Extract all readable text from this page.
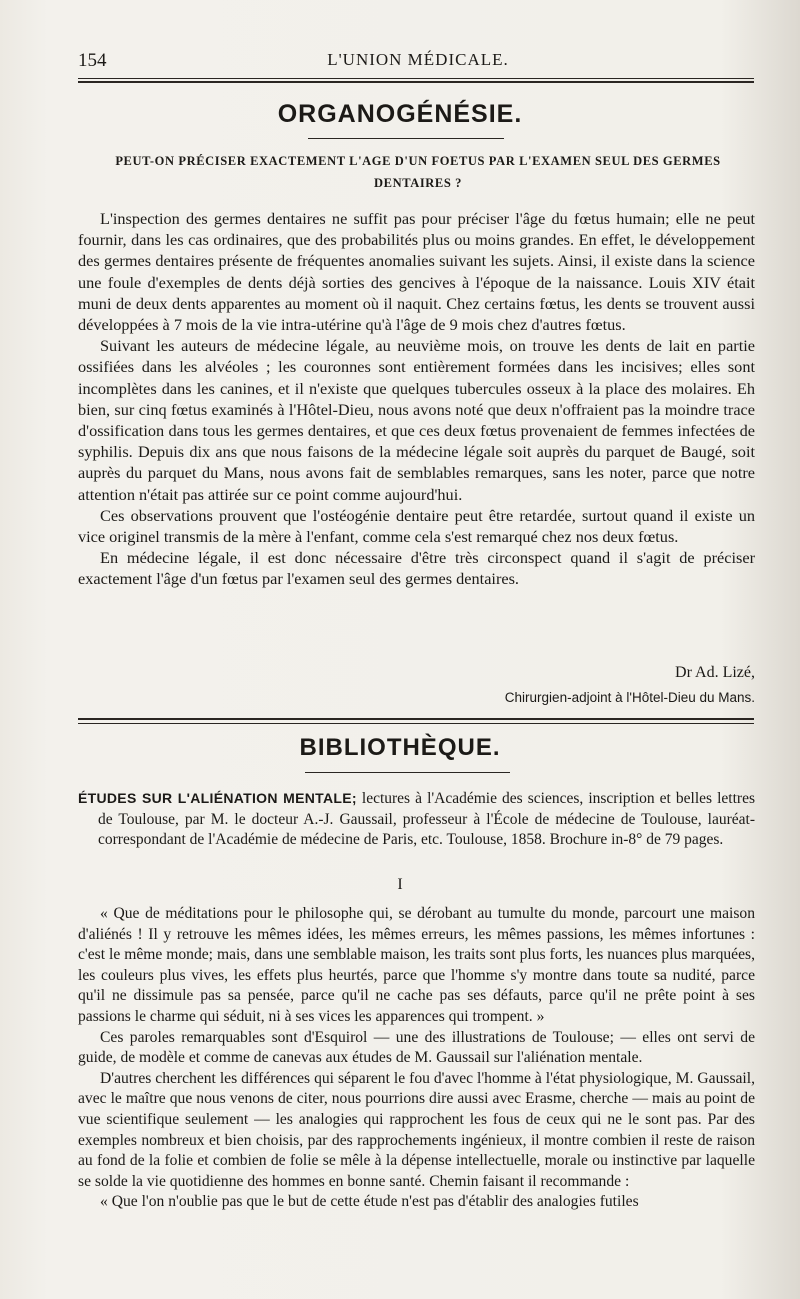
154	L'UNION MÉDICALE.
ORGANOGÉNÉSIE.
PEUT-ON PRÉCISER EXACTEMENT L'AGE D'UN FOETUS PAR L'EXAMEN SEUL DES GERMES DENTAIRES ?

L'inspection des germes dentaires ne suffit pas pour préciser l'âge du fœtus humain; elle ne peut fournir, dans les cas ordinaires, que des probabilités plus ou moins grandes. En effet, le développement des germes dentaires présente de fréquentes anomalies suivant les sujets. Ainsi, il existe dans la science une foule d'exemples de dents déjà sorties des gencives à l'époque de la naissance. Louis XIV était muni de deux dents apparentes au moment où il naquit. Chez certains fœtus, les dents se trouvent aussi développées à 7 mois de la vie intra-utérine qu'à l'âge de 9 mois chez d'autres fœtus.

Suivant les auteurs de médecine légale, au neuvième mois, on trouve les dents de lait en partie ossifiées dans les alvéoles ; les couronnes sont entièrement formées dans les incisives; elles sont incomplètes dans les canines, et il n'existe que quelques tubercules osseux à la place des molaires. Eh bien, sur cinq fœtus examinés à l'Hôtel-Dieu, nous avons noté que deux n'offraient pas la moindre trace d'ossification dans tous les germes dentaires, et que ces deux fœtus provenaient de femmes infectées de syphilis. Depuis dix ans que nous faisons de la médecine légale soit auprès du parquet de Baugé, soit auprès du parquet du Mans, nous avons fait de semblables remarques, sans les noter, parce que notre attention n'était pas attirée sur ce point comme aujourd'hui.

Ces observations prouvent que l'ostéogénie dentaire peut être retardée, surtout quand il existe un vice originel transmis de la mère à l'enfant, comme cela s'est remarqué chez nos deux fœtus.

En médecine légale, il est donc nécessaire d'être très circonspect quand il s'agit de préciser exactement l'âge d'un fœtus par l'examen seul des germes dentaires.

Dr Ad. Lizé,
Chirurgien-adjoint à l'Hôtel-Dieu du Mans.
BIBLIOTHÈQUE.

ÉTUDES SUR L'ALIÉNATION MENTALE; lectures à l'Académie des sciences, inscription et belles lettres de Toulouse, par M. le docteur A.-J. Gaussail, professeur à l'École de médecine de Toulouse, lauréat-correspondant de l'Académie de médecine de Paris, etc. Toulouse, 1858. Brochure in-8° de 79 pages.

I

« Que de méditations pour le philosophe qui, se dérobant au tumulte du monde, parcourt une maison d'aliénés ! Il y retrouve les mêmes idées, les mêmes erreurs, les mêmes passions, les mêmes infortunes : c'est le même monde; mais, dans une semblable maison, les traits sont plus forts, les nuances plus marquées, les couleurs plus vives, les effets plus heurtés, parce que l'homme s'y montre dans toute sa nudité, parce qu'il ne dissimule pas sa pensée, parce qu'il ne cache pas ses défauts, parce qu'il ne prête point à ses passions le charme qui séduit, ni à ses vices les apparences qui trompent. »

Ces paroles remarquables sont d'Esquirol — une des illustrations de Toulouse; — elles ont servi de guide, de modèle et comme de canevas aux études de M. Gaussail sur l'aliénation mentale.

D'autres cherchent les différences qui séparent le fou d'avec l'homme à l'état physiologique, M. Gaussail, avec le maître que nous venons de citer, nous pourrions dire aussi avec Erasme, cherche — mais au point de vue scientifique seulement — les analogies qui rapprochent les fous de ceux qui ne le sont pas. Par des exemples nombreux et bien choisis, par des rapprochements ingénieux, il montre combien il reste de raison au fond de la folie et combien de folie se mêle à la dépense intellectuelle, morale ou instinctive par laquelle se solde la vie quotidienne des hommes en bonne santé. Chemin faisant il recommande :

« Que l'on n'oublie pas que le but de cette étude n'est pas d'établir des analogies futiles
